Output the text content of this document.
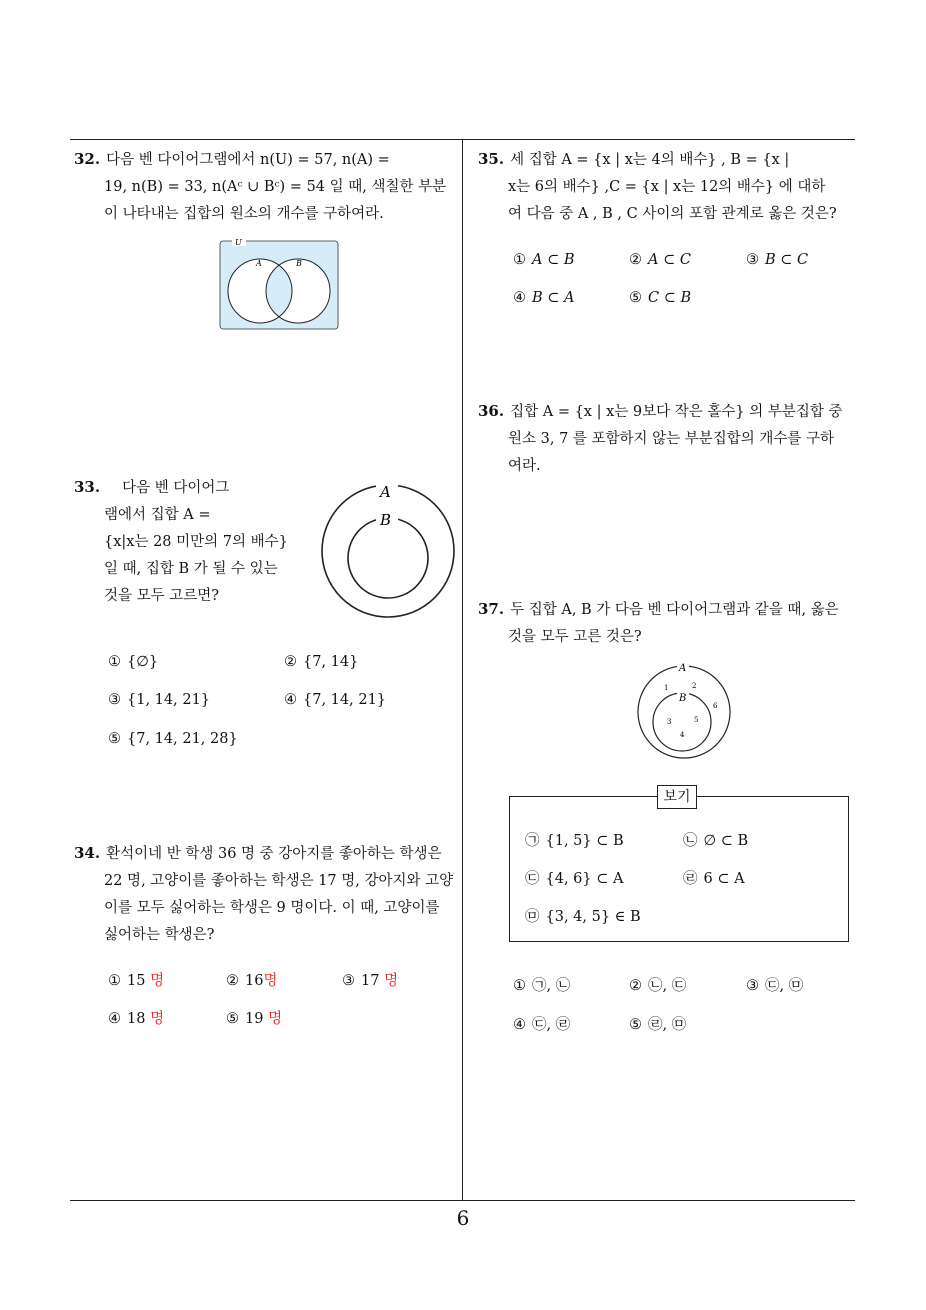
32. 다음 벤 다이어그램에서 n(U) = 57, n(A) =
19, n(B) = 33, n(Aᶜ ∪ Bᶜ) = 54 일 때, 색칠한 부분
이 나타내는 집합의 원소의 개수를 구하여라.
U
A	B
33. 다음 벤 다이어그
램에서 집합 A =
{x|x는 28 미만의 7의 배수}
일 때, 집합 B 가 될 수 있는
것을 모두 고르면?
A
B
① {∅}	② {7, 14}
③ {1, 14, 21}	④ {7, 14, 21}
⑤ {7, 14, 21, 28}
34. 환석이네 반 학생 36 명 중 강아지를 좋아하는 학생은
22 명, 고양이를 좋아하는 학생은 17 명, 강아지와 고양
이를 모두 싫어하는 학생은 9 명이다. 이 때, 고양이를
싫어하는 학생은?
① 15 명	② 16명	③ 17 명
④ 18 명	⑤ 19 명
35. 세 집합 A = {x | x는 4의 배수} , B = {x |
x는 6의 배수} ,C = {x | x는 12의 배수} 에 대하
여 다음 중 A , B , C 사이의 포함 관계로 옳은 것은?
① A ⊂ B	② A ⊂ C	③ B ⊂ C
④ B ⊂ A	⑤ C ⊂ B
36. 집합 A = {x | x는 9보다 작은 홀수} 의 부분집합 중
원소 3, 7 를 포함하지 않는 부분집합의 개수를 구하
여라.
37. 두 집합 A, B 가 다음 벤 다이어그램과 같을 때, 옳은
것을 모두 고른 것은?
A
B
1	2
6
3	5
4
보기
㉠ {1, 5} ⊂ B	㉡ ∅ ⊂ B
㉢ {4, 6} ⊂ A	㉣ 6 ⊂ A
㉤ {3, 4, 5} ∈ B
① ㉠, ㉡	② ㉡, ㉢	③ ㉢, ㉤
④ ㉢, ㉣	⑤ ㉣, ㉤
6
